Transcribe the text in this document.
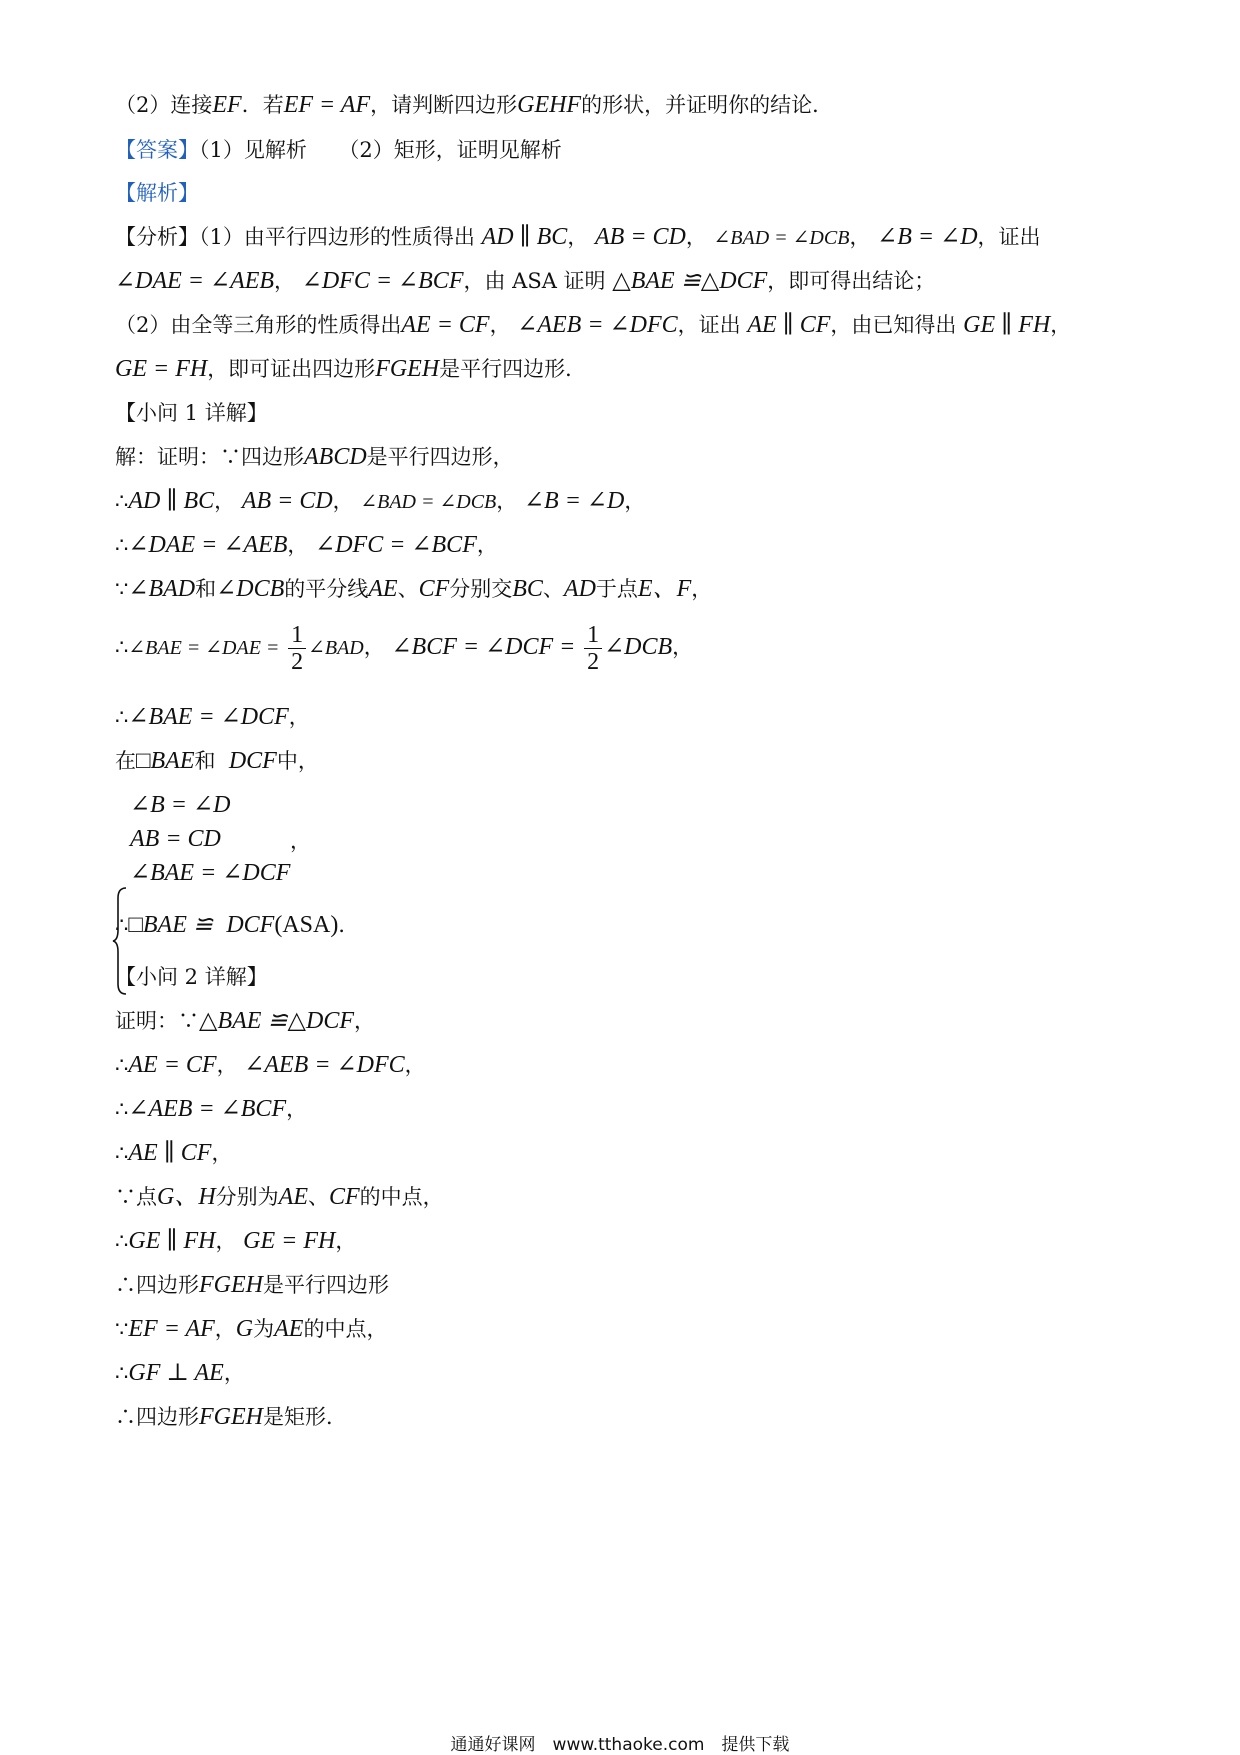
（2）连接EF．若EF = AF，请判断四边形GEHF的形状，并证明你的结论．
【答案】（1）见解析　　（2）矩形，证明见解析
【解析】
【分析】（1）由平行四边形的性质得出 AD ∥ BC， AB = CD， ∠BAD = ∠DCB， ∠B = ∠D，证出
∠DAE = ∠AEB， ∠DFC = ∠BCF，由 ASA 证明 △BAE ≌△DCF，即可得出结论；
（2）由全等三角形的性质得出AE = CF， ∠AEB = ∠DFC，证出 AE ∥ CF，由已知得出 GE ∥ FH，
GE = FH，即可证出四边形FGEH是平行四边形．
【小问 1 详解】
解：证明：∵四边形ABCD是平行四边形，
∴AD ∥ BC， AB = CD， ∠BAD = ∠DCB， ∠B = ∠D，
∴∠DAE = ∠AEB， ∠DFC = ∠BCF，
∵∠BAD和∠DCB的平分线AE、CF分别交BC、AD于点E、F，
∴∠BAE = ∠DAE = $\frac{1}{2}$ ∠BAD， ∠BCF = ∠DCF = $\frac{1}{2}$ ∠DCB，
∴∠BAE = ∠DCF，
在□BAE和 DCF中，
∠B = ∠D
AB = CD
∠BAE = ∠DCF
，
∴□BAE ≌ DCF(ASA)．
【小问 2 详解】
证明：∵△BAE ≌△DCF，
∴AE = CF， ∠AEB = ∠DFC，
∴∠AEB = ∠BCF，
∴AE ∥ CF，
∵点G、H分别为AE、CF的中点，
∴GE ∥ FH， GE = FH，
∴四边形FGEH是平行四边形
∵EF = AF，G为AE的中点，
∴GF ⊥ AE，
∴四边形FGEH是矩形．
通通好课网　www.tthaoke.com　提供下载
